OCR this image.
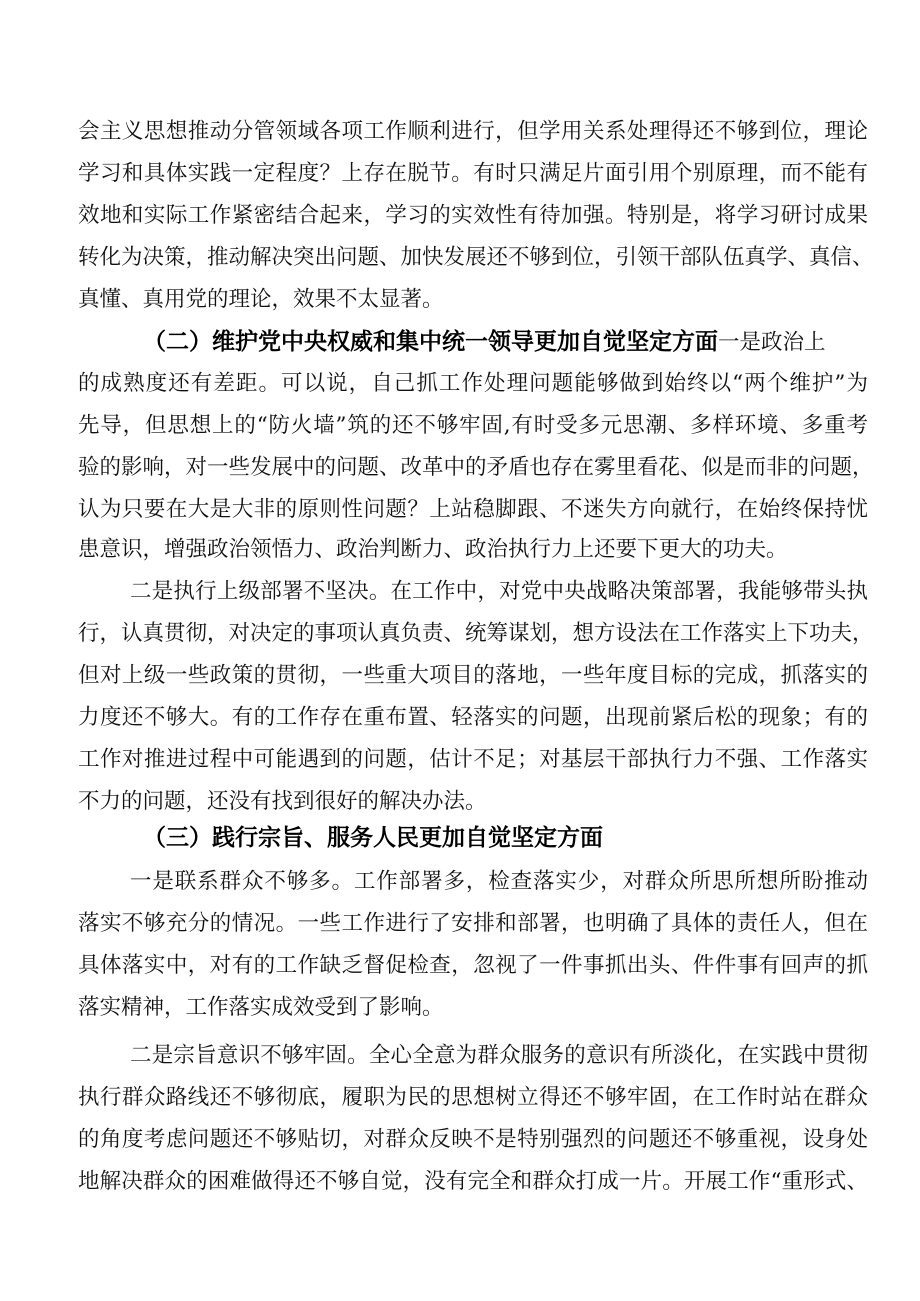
会主义思想推动分管领域各项工作顺利进行，但学用关系处理得还不够到位，理论
学习和具体实践一定程度？上存在脱节。有时只满足片面引用个别原理，而不能有
效地和实际工作紧密结合起来，学习的实效性有待加强。特别是，将学习研讨成果
转化为决策，推动解决突出问题、加快发展还不够到位，引领干部队伍真学、真信、
真懂、真用党的理论，效果不太显著。
（二）维护党中央权威和集中统一领导更加自觉坚定方面一是政治上
的成熟度还有差距。可以说，自己抓工作处理问题能够做到始终以“两个维护”为
先导，但思想上的“防火墙”筑的还不够牢固,有时受多元思潮、多样环境、多重考
验的影响，对一些发展中的问题、改革中的矛盾也存在雾里看花、似是而非的问题，
认为只要在大是大非的原则性问题？上站稳脚跟、不迷失方向就行，在始终保持忧
患意识，增强政治领悟力、政治判断力、政治执行力上还要下更大的功夫。
二是执行上级部署不坚决。在工作中，对党中央战略决策部署，我能够带头执
行，认真贯彻，对决定的事项认真负责、统筹谋划，想方设法在工作落实上下功夫，
但对上级一些政策的贯彻，一些重大项目的落地，一些年度目标的完成，抓落实的
力度还不够大。有的工作存在重布置、轻落实的问题，出现前紧后松的现象；有的
工作对推进过程中可能遇到的问题，估计不足；对基层干部执行力不强、工作落实
不力的问题，还没有找到很好的解决办法。
（三）践行宗旨、服务人民更加自觉坚定方面
一是联系群众不够多。工作部署多，检查落实少，对群众所思所想所盼推动
落实不够充分的情况。一些工作进行了安排和部署，也明确了具体的责任人，但在
具体落实中，对有的工作缺乏督促检查，忽视了一件事抓出头、件件事有回声的抓
落实精神，工作落实成效受到了影响。
二是宗旨意识不够牢固。全心全意为群众服务的意识有所淡化，在实践中贯彻
执行群众路线还不够彻底，履职为民的思想树立得还不够牢固，在工作时站在群众
的角度考虑问题还不够贴切，对群众反映不是特别强烈的问题还不够重视，设身处
地解决群众的困难做得还不够自觉，没有完全和群众打成一片。开展工作“重形式、
